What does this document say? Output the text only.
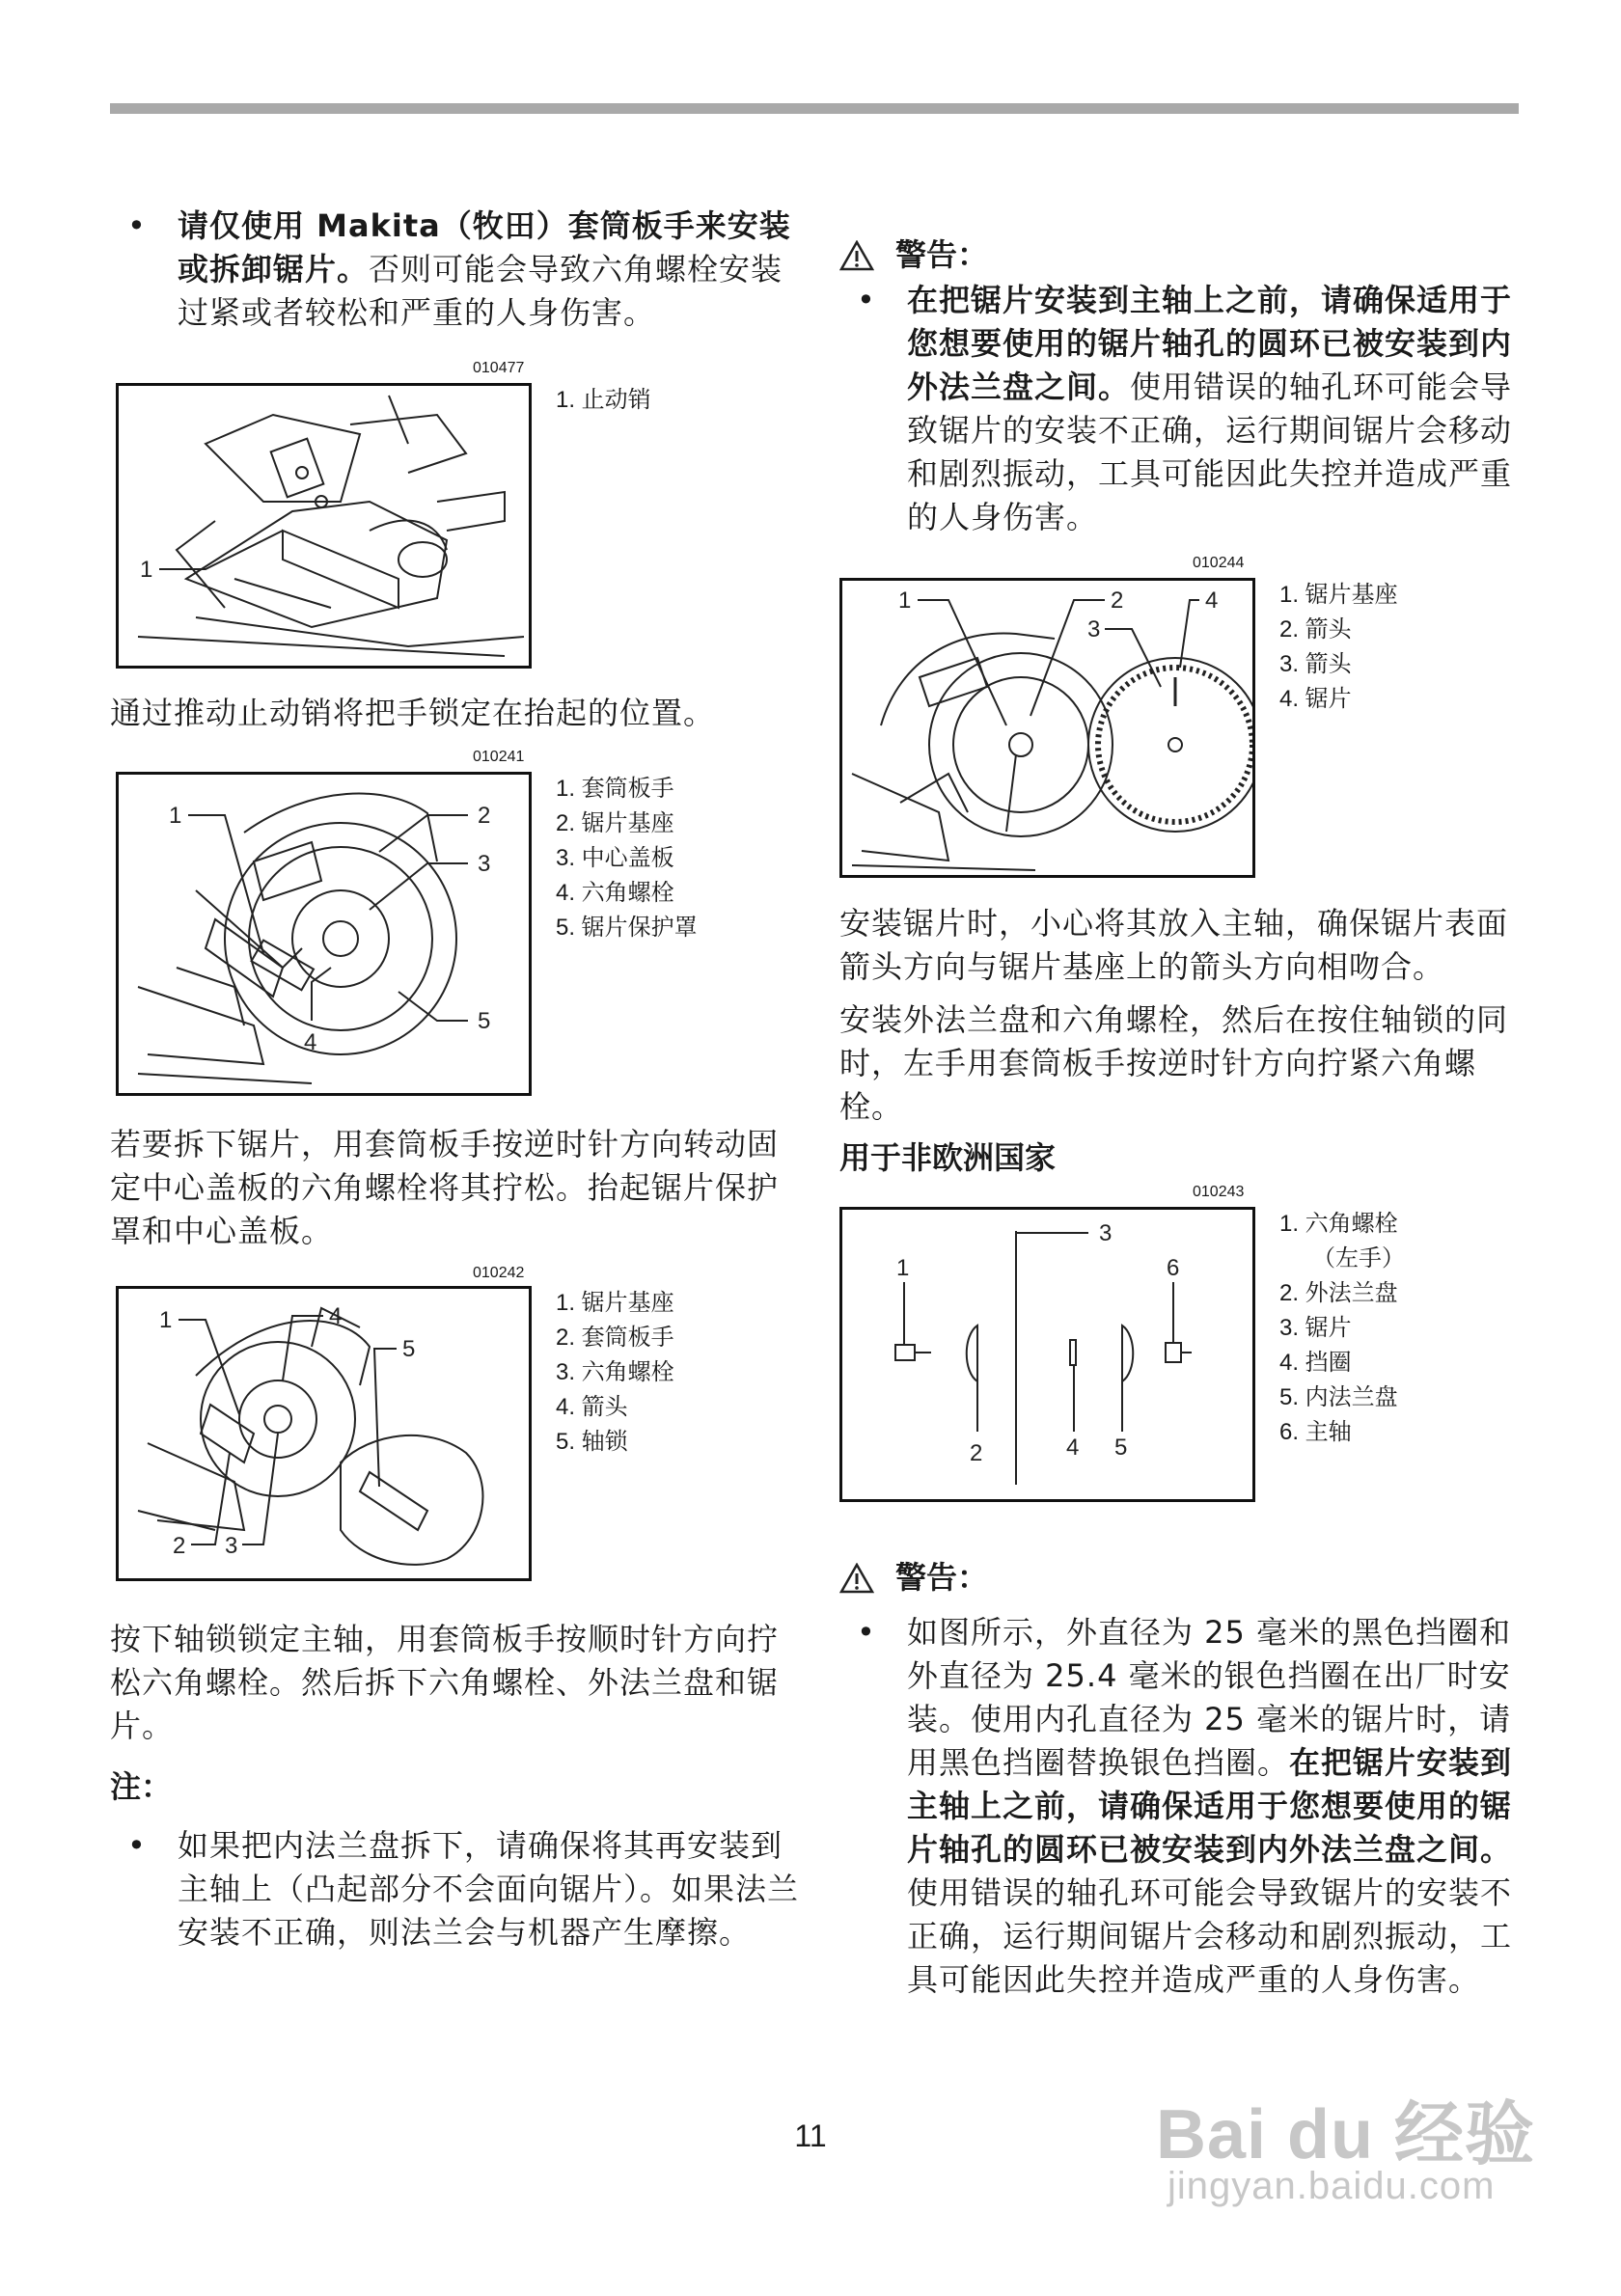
• 请仅使用 Makita（牧田）套筒板手来安装或拆卸锯片。否则可能会导致六角螺栓安装过紧或者较松和严重的人身伤害。
010477
1
1. 止动销

通过推动止动销将把手锁定在抬起的位置。

010241
1	2
3
4
5
1. 套筒板手
2. 锯片基座
3. 中心盖板
4. 六角螺栓
5. 锯片保护罩

若要拆下锯片，用套筒板手按逆时针方向转动固定中心盖板的六角螺栓将其拧松。抬起锯片保护罩和中心盖板。

010242
1
2 3
4
5
1. 锯片基座
2. 套筒板手
3. 六角螺栓
4. 箭头
5. 轴锁

按下轴锁锁定主轴，用套筒板手按顺时针方向拧松六角螺栓。然后拆下六角螺栓、外法兰盘和锯片。

注：
• 如果把内法兰盘拆下，请确保将其再安装到主轴上（凸起部分不会面向锯片）。如果法兰安装不正确，则法兰会与机器产生摩擦。
警告：
• 在把锯片安装到主轴上之前，请确保适用于您想要使用的锯片轴孔的圆环已被安装到内外法兰盘之间。使用错误的轴孔环可能会导致锯片的安装不正确，运行期间锯片会移动和剧烈振动，工具可能因此失控并造成严重的人身伤害。
010244
1	2
3
4	1. 锯片基座
2. 箭头
3. 箭头
4. 锯片

安装锯片时，小心将其放入主轴，确保锯片表面箭头方向与锯片基座上的箭头方向相吻合。

安装外法兰盘和六角螺栓，然后在按住轴锁的同时，左手用套筒板手按逆时针方向拧紧六角螺栓。

用于非欧洲国家
010243
1
2
3
4 5
6
1. 六角螺栓
（左手）
2. 外法兰盘
3. 锯片
4. 挡圈
5. 内法兰盘
6. 主轴
警告：
• 如图所示，外直径为 25 毫米的黑色挡圈和外直径为 25.4 毫米的银色挡圈在出厂时安装。使用内孔直径为 25 毫米的锯片时，请用黑色挡圈替换银色挡圈。在把锯片安装到主轴上之前，请确保适用于您想要使用的锯片轴孔的圆环已被安装到内外法兰盘之间。使用错误的轴孔环可能会导致锯片的安装不正确，运行期间锯片会移动和剧烈振动，工具可能因此失控并造成严重的人身伤害。
11	Bai du 经验
jingyan.baidu.com
